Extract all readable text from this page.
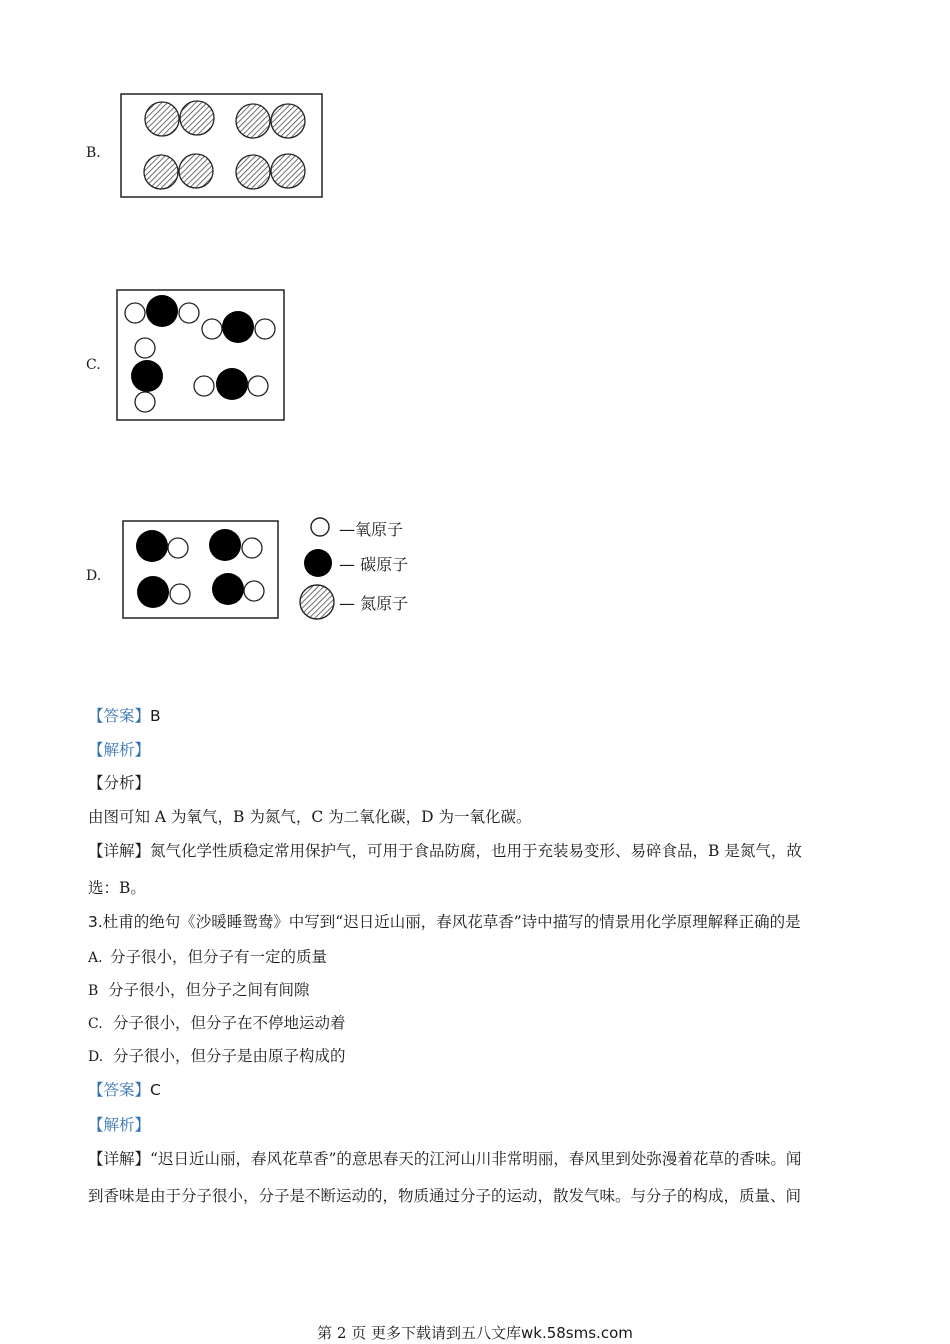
B.
C.
D.
—氧原子
— 碳原子
— 氮原子
【答案】B
【解析】
【分析】
由图可知 A 为氧气，B 为氮气，C 为二氧化碳，D 为一氧化碳。
【详解】氮气化学性质稳定常用保护气，可用于食品防腐，也用于充装易变形、易碎食品，B 是氮气，故
选：B。
3.杜甫的绝句《沙暖睡鸳鸯》中写到“迟日近山丽，春风花草香”诗中描写的情景用化学原理解释正确的是
A. 分子很小，但分子有一定的质量
B 分子很小，但分子之间有间隙
C. 分子很小，但分子在不停地运动着
D. 分子很小，但分子是由原子构成的
【答案】C
【解析】
【详解】“迟日近山丽，春风花草香”的意思春天的江河山川非常明丽，春风里到处弥漫着花草的香味。闻
到香味是由于分子很小，分子是不断运动的，物质通过分子的运动，散发气味。与分子的构成，质量、间
第 2 页 更多下载请到五八文库wk.58sms.com
